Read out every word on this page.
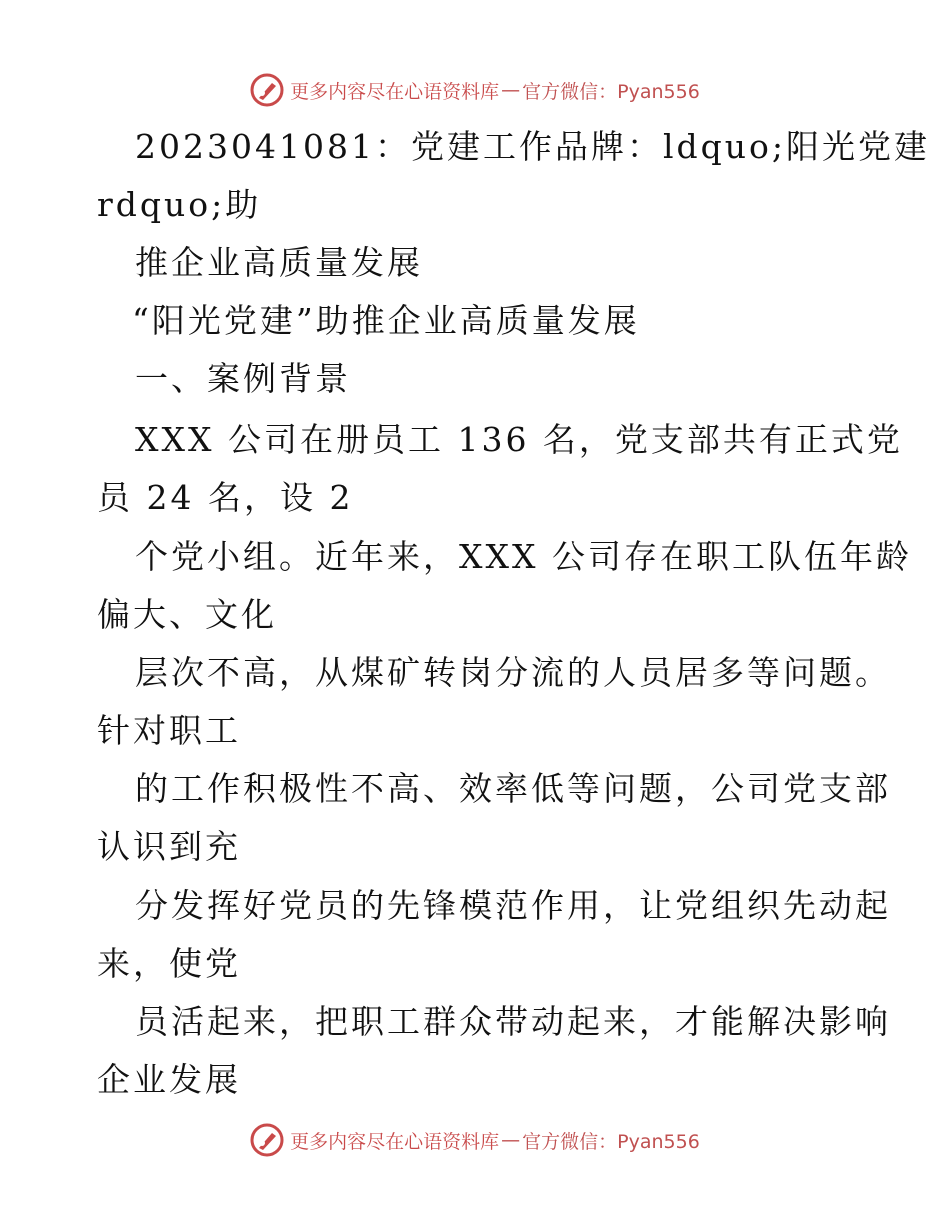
更多内容尽在心语资料库 — 官方微信：Pyan556
2023041081：党建工作品牌：ldquo;阳光党建
rdquo;助
推企业高质量发展
“阳光党建”助推企业高质量发展
一、案例背景
XXX 公司在册员工 136 名，党支部共有正式党
员 24 名，设 2
个党小组。近年来，XXX 公司存在职工队伍年龄
偏大、文化
层次不高，从煤矿转岗分流的人员居多等问题。
针对职工
的工作积极性不高、效率低等问题，公司党支部
认识到充
分发挥好党员的先锋模范作用，让党组织先动起
来，使党
员活起来，把职工群众带动起来，才能解决影响
企业发展
更多内容尽在心语资料库 — 官方微信：Pyan556
